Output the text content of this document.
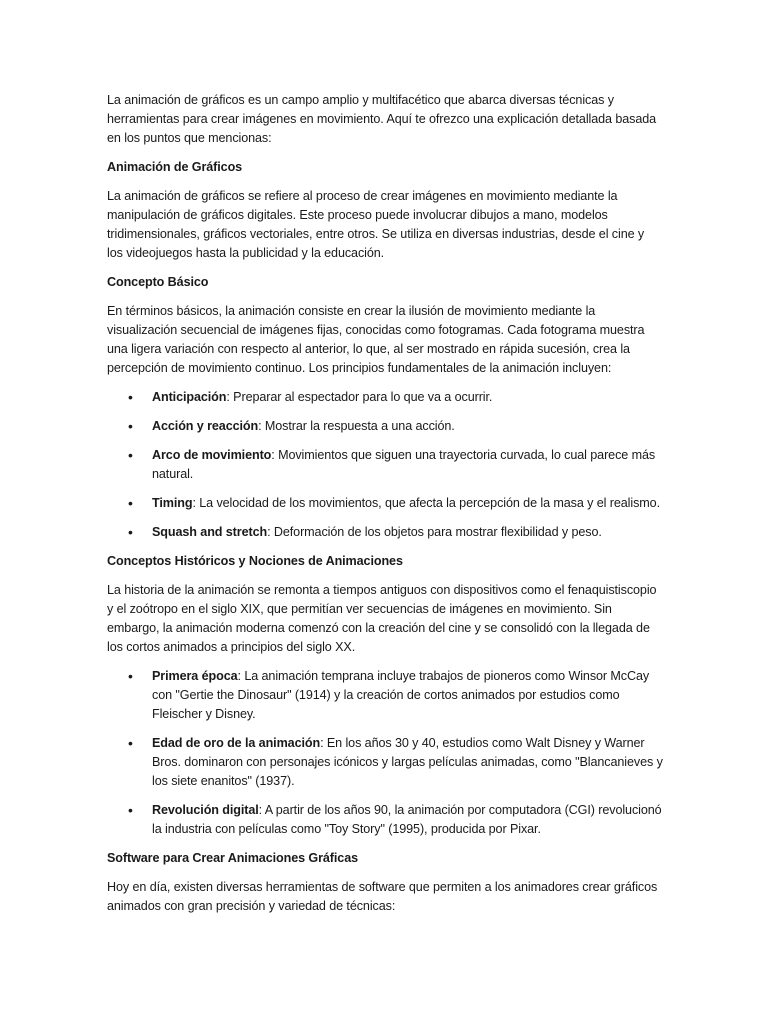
La animación de gráficos es un campo amplio y multifacético que abarca diversas técnicas y herramientas para crear imágenes en movimiento. Aquí te ofrezco una explicación detallada basada en los puntos que mencionas:

Animación de Gráficos

La animación de gráficos se refiere al proceso de crear imágenes en movimiento mediante la manipulación de gráficos digitales. Este proceso puede involucrar dibujos a mano, modelos tridimensionales, gráficos vectoriales, entre otros. Se utiliza en diversas industrias, desde el cine y los videojuegos hasta la publicidad y la educación.

Concepto Básico

En términos básicos, la animación consiste en crear la ilusión de movimiento mediante la visualización secuencial de imágenes fijas, conocidas como fotogramas. Cada fotograma muestra una ligera variación con respecto al anterior, lo que, al ser mostrado en rápida sucesión, crea la percepción de movimiento continuo. Los principios fundamentales de la animación incluyen:

• Anticipación: Preparar al espectador para lo que va a ocurrir.
• Acción y reacción: Mostrar la respuesta a una acción.
• Arco de movimiento: Movimientos que siguen una trayectoria curvada, lo cual parece más natural.
• Timing: La velocidad de los movimientos, que afecta la percepción de la masa y el realismo.
• Squash and stretch: Deformación de los objetos para mostrar flexibilidad y peso.
Conceptos Históricos y Nociones de Animaciones

La historia de la animación se remonta a tiempos antiguos con dispositivos como el fenaquistiscopio y el zoótropo en el siglo XIX, que permitían ver secuencias de imágenes en movimiento. Sin embargo, la animación moderna comenzó con la creación del cine y se consolidó con la llegada de los cortos animados a principios del siglo XX.

• Primera época: La animación temprana incluye trabajos de pioneros como Winsor McCay con "Gertie the Dinosaur" (1914) y la creación de cortos animados por estudios como Fleischer y Disney.
• Edad de oro de la animación: En los años 30 y 40, estudios como Walt Disney y Warner Bros. dominaron con personajes icónicos y largas películas animadas, como "Blancanieves y los siete enanitos" (1937).
• Revolución digital: A partir de los años 90, la animación por computadora (CGI) revolucionó la industria con películas como "Toy Story" (1995), producida por Pixar.
Software para Crear Animaciones Gráficas

Hoy en día, existen diversas herramientas de software que permiten a los animadores crear gráficos animados con gran precisión y variedad de técnicas:
